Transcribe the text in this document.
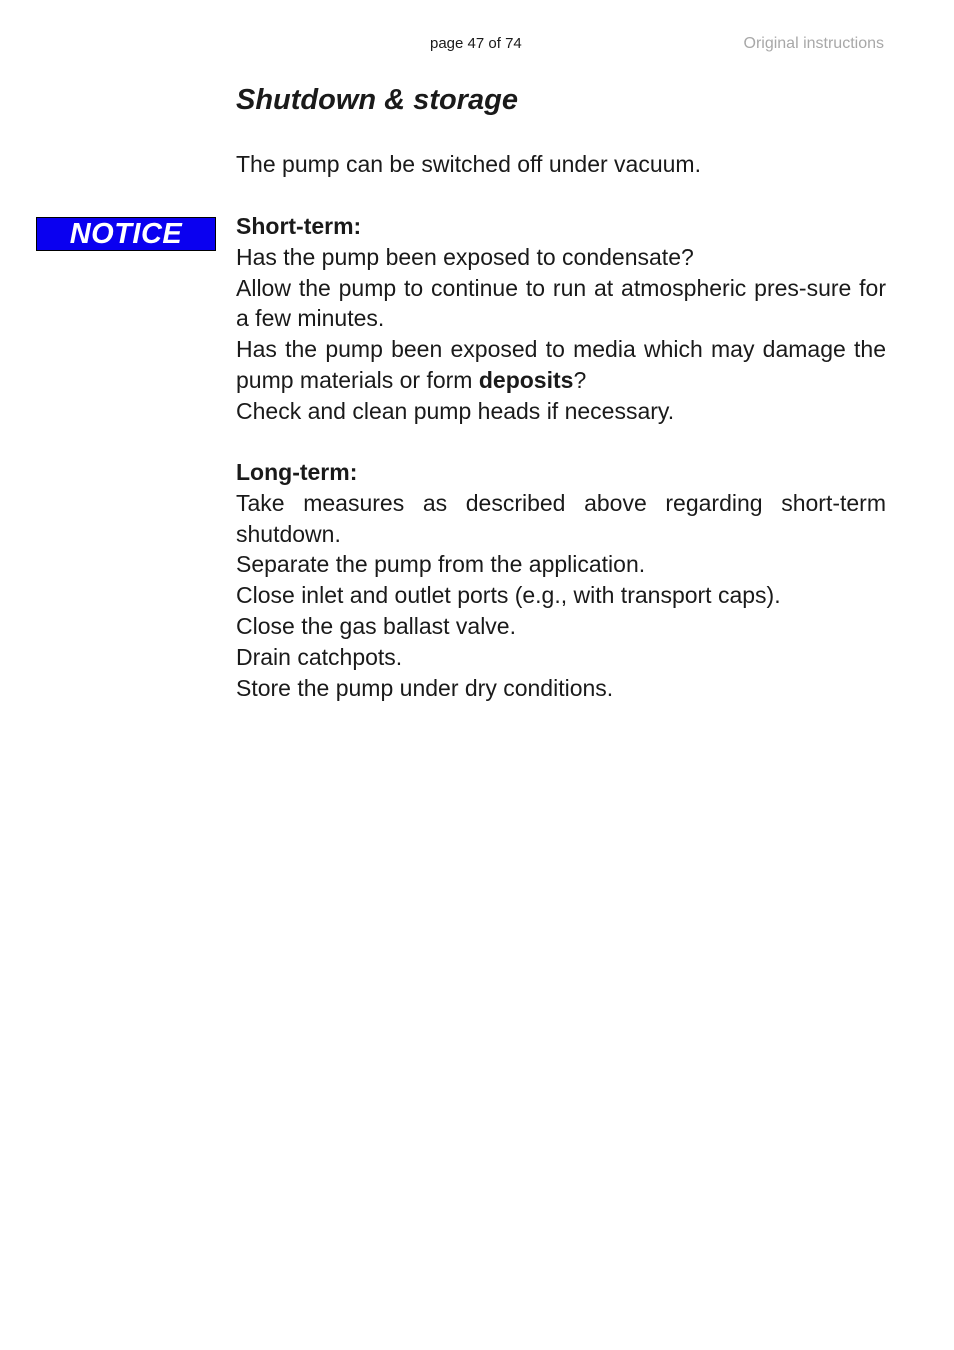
page 47 of 74	Original instructions
Shutdown & storage
The pump can be switched off under vacuum.
NOTICE	Short-term:
Has the pump been exposed to condensate?
Allow the pump to continue to run at atmospheric pres-sure for a few minutes.
Has the pump been exposed to media which may damage the pump materials or form deposits?
Check and clean pump heads if necessary.
Long-term:
Take measures as described above regarding short-term shutdown.
Separate the pump from the application.
Close inlet and outlet ports (e.g., with transport caps).
Close the gas ballast valve.
Drain catchpots.
Store the pump under dry conditions.
